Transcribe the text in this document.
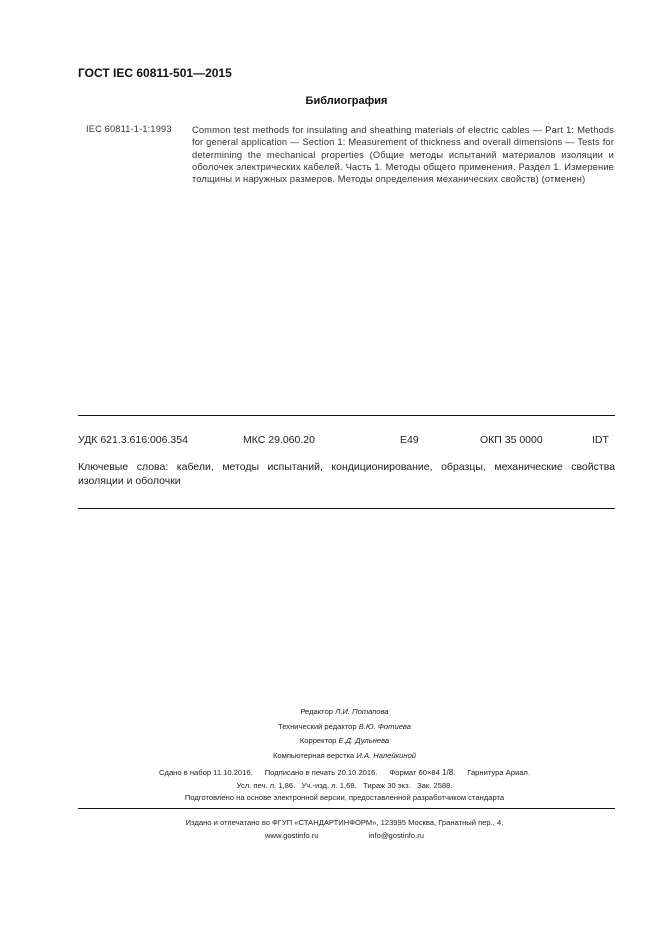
ГОСТ IEC 60811-501—2015
Библиография
IEC 60811-1-1:1993 Common test methods for insulating and sheathing materials of electric cables — Part 1: Methods for general application — Section 1: Measurement of thickness and overall dimensions — Tests for determining the mechanical properties (Общие методы испытаний материалов изоляции и оболочек электрических кабелей. Часть 1. Методы общего применения. Раздел 1. Измерение толщины и наружных размеров. Методы определения механических свойств) (отменен)
УДК 621.3.616:006.354	МКС 29.060.20	Е49	ОКП 35 0000	IDT
Ключевые слова: кабели, методы испытаний, кондиционирование, образцы, механические свойства изоляции и оболочки
Редактор Л.И. Потапова
Технический редактор В.Ю. Фотиева
Корректор Е.Д. Дульнева
Компьютерная верстка И.А. Налейкиной
Сдано в набор 11.10.2016. Подписано в печать 20.10.2016. Формат 60×84 1/8. Гарнитура Ариал.
Усл. печ. л. 1,86. Уч.-изд. л. 1,68. Тираж 30 экз. Зак. 2588.
Подготовлено на основе электронной версии, предоставленной разработчиком стандарта
Издано и отпечатано во ФГУП «СТАНДАРТИНФОРМ», 123995 Москва, Гранатный пер., 4.
www.gostinfo.ru	info@gostinfo.ru
